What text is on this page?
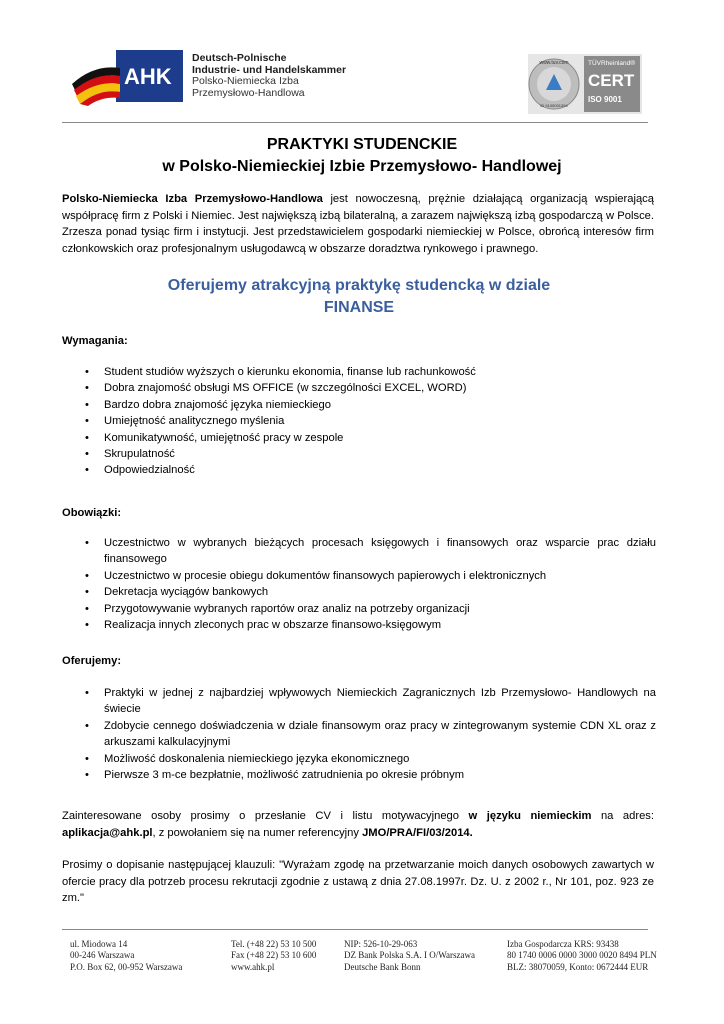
AHK
Deutsch-Polnische
Industrie- und Handelskammer
Polsko-Niemiecka Izba
Przemysłowo-Handlowa
www.tuv.com
ID 9105031394
TÜVRheinland®
CERT
ISO 9001
PRAKTYKI STUDENCKIE
w Polsko-Niemieckiej Izbie Przemysłowo- Handlowej
Polsko-Niemiecka Izba Przemysłowo-Handlowa jest nowoczesną, prężnie działającą organizacją wspierającą współpracę firm z Polski i Niemiec. Jest największą izbą bilateralną, a zarazem największą izbą gospodarczą w Polsce. Zrzesza ponad tysiąc firm i instytucji. Jest przedstawicielem gospodarki niemieckiej w Polsce, obrońcą interesów firm członkowskich oraz profesjonalnym usługodawcą w obszarze doradztwa rynkowego i prawnego.
Oferujemy atrakcyjną praktykę studencką w dziale
FINANSE
Wymagania:
• Student studiów wyższych o kierunku ekonomia, finanse lub rachunkowość
• Dobra znajomość obsługi MS OFFICE (w szczególności EXCEL, WORD)
• Bardzo dobra znajomość języka niemieckiego
• Umiejętność analitycznego myślenia
• Komunikatywność, umiejętność pracy w zespole
• Skrupulatność
• Odpowiedzialność
Obowiązki:
• Uczestnictwo w wybranych bieżących procesach księgowych i finansowych oraz wsparcie prac działu finansowego
• Uczestnictwo w procesie obiegu dokumentów finansowych papierowych i elektronicznych
• Dekretacja wyciągów bankowych
• Przygotowywanie wybranych raportów oraz analiz na potrzeby organizacji
• Realizacja innych zleconych prac w obszarze finansowo-księgowym
Oferujemy:
• Praktyki w jednej z najbardziej wpływowych Niemieckich Zagranicznych Izb Przemysłowo- Handlowych na świecie
• Zdobycie cennego doświadczenia w dziale finansowym oraz pracy w zintegrowanym systemie CDN XL oraz z arkuszami kalkulacyjnymi
• Możliwość doskonalenia niemieckiego języka ekonomicznego
• Pierwsze 3 m-ce bezpłatnie, możliwość zatrudnienia po okresie próbnym
Zainteresowane osoby prosimy o przesłanie CV i listu motywacyjnego w języku niemieckim na adres: aplikacja@ahk.pl, z powołaniem się na numer referencyjny JMO/PRA/FI/03/2014.
Prosimy o dopisanie następującej klauzuli: "Wyrażam zgodę na przetwarzanie moich danych osobowych zawartych w ofercie pracy dla potrzeb procesu rekrutacji zgodnie z ustawą z dnia 27.08.1997r. Dz. U. z 2002 r., Nr 101, poz. 923 ze zm."
ul. Miodowa 14
00-246 Warszawa
P.O. Box 62, 00-952 Warszawa
Tel. (+48 22) 53 10 500
Fax (+48 22) 53 10 600
www.ahk.pl
NIP: 526-10-29-063
DZ Bank Polska S.A. I O/Warszawa
Deutsche Bank Bonn
Izba Gospodarcza KRS: 93438
80 1740 0006 0000 3000 0020 8494 PLN
BLZ: 38070059, Konto: 0672444 EUR
